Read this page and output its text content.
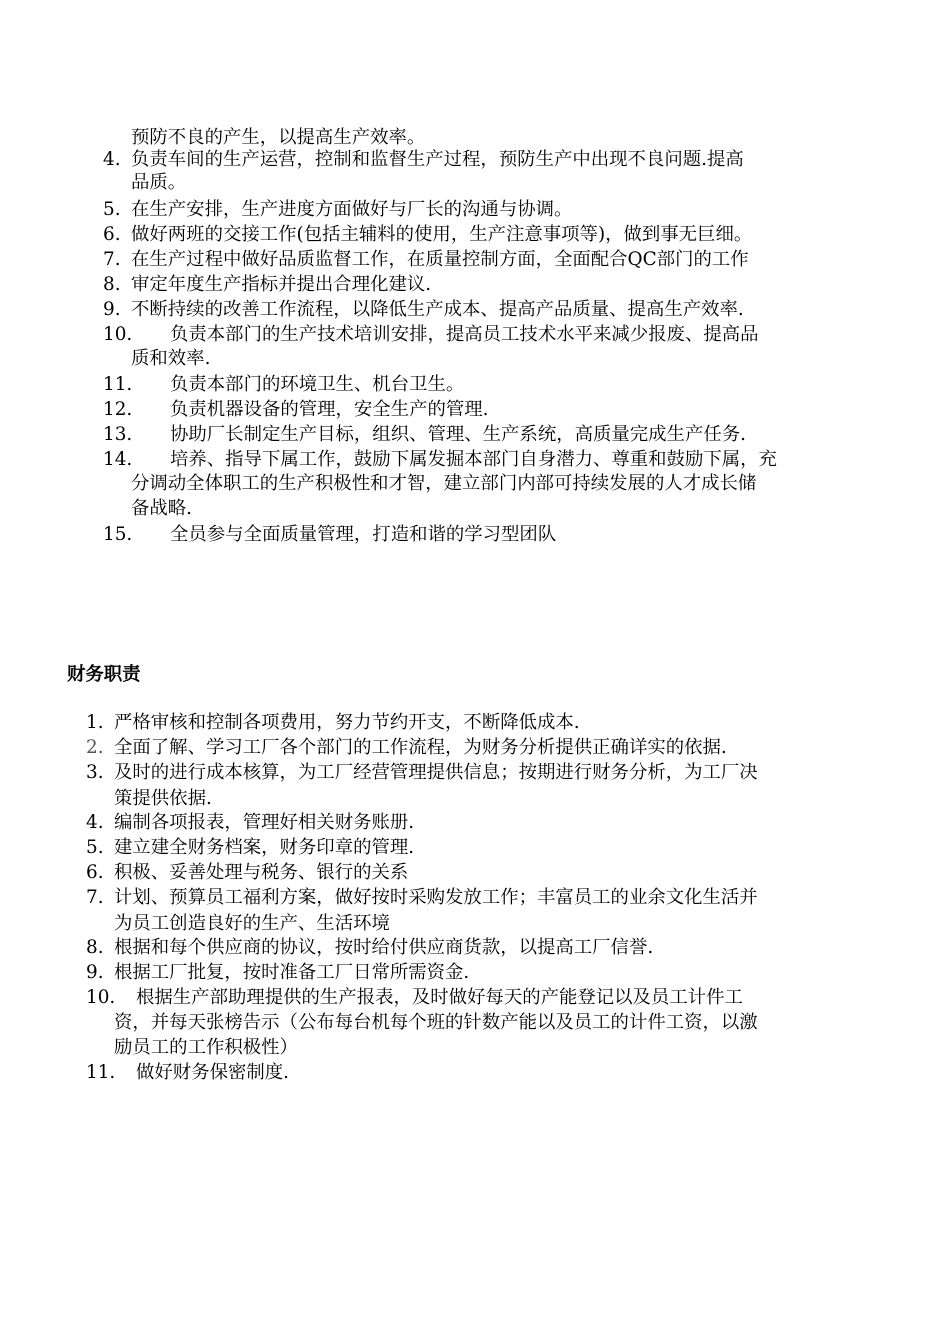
预防不良的产生，以提高生产效率。
4. 负责车间的生产运营，控制和监督生产过程，预防生产中出现不良问题.提高
品质。
5. 在生产安排，生产进度方面做好与厂长的沟通与协调。
6. 做好两班的交接工作(包括主辅料的使用，生产注意事项等)，做到事无巨细。
7. 在生产过程中做好品质监督工作，在质量控制方面，全面配合QC部门的工作
8. 审定年度生产指标并提出合理化建议.
9. 不断持续的改善工作流程，以降低生产成本、提高产品质量、提高生产效率.
10. 负责本部门的生产技术培训安排，提高员工技术水平来减少报废、提高品
质和效率.
11. 负责本部门的环境卫生、机台卫生。
12. 负责机器设备的管理，安全生产的管理.
13. 协助厂长制定生产目标，组织、管理、生产系统，高质量完成生产任务.
14. 培养、指导下属工作，鼓励下属发掘本部门自身潜力、尊重和鼓励下属，充
分调动全体职工的生产积极性和才智，建立部门内部可持续发展的人才成长储
备战略.
15. 全员参与全面质量管理，打造和谐的学习型团队
财务职责
1. 严格审核和控制各项费用，努力节约开支，不断降低成本.
2. 全面了解、学习工厂各个部门的工作流程，为财务分析提供正确详实的依据.
3. 及时的进行成本核算，为工厂经营管理提供信息；按期进行财务分析，为工厂决
策提供依据.
4. 编制各项报表，管理好相关财务账册.
5. 建立建全财务档案，财务印章的管理.
6. 积极、妥善处理与税务、银行的关系
7. 计划、预算员工福利方案，做好按时采购发放工作；丰富员工的业余文化生活并
为员工创造良好的生产、生活环境
8. 根据和每个供应商的协议，按时给付供应商货款，以提高工厂信誉.
9. 根据工厂批复，按时准备工厂日常所需资金.
10. 根据生产部助理提供的生产报表，及时做好每天的产能登记以及员工计件工
资，并每天张榜告示（公布每台机每个班的针数产能以及员工的计件工资，以激
励员工的工作积极性）
11. 做好财务保密制度.
